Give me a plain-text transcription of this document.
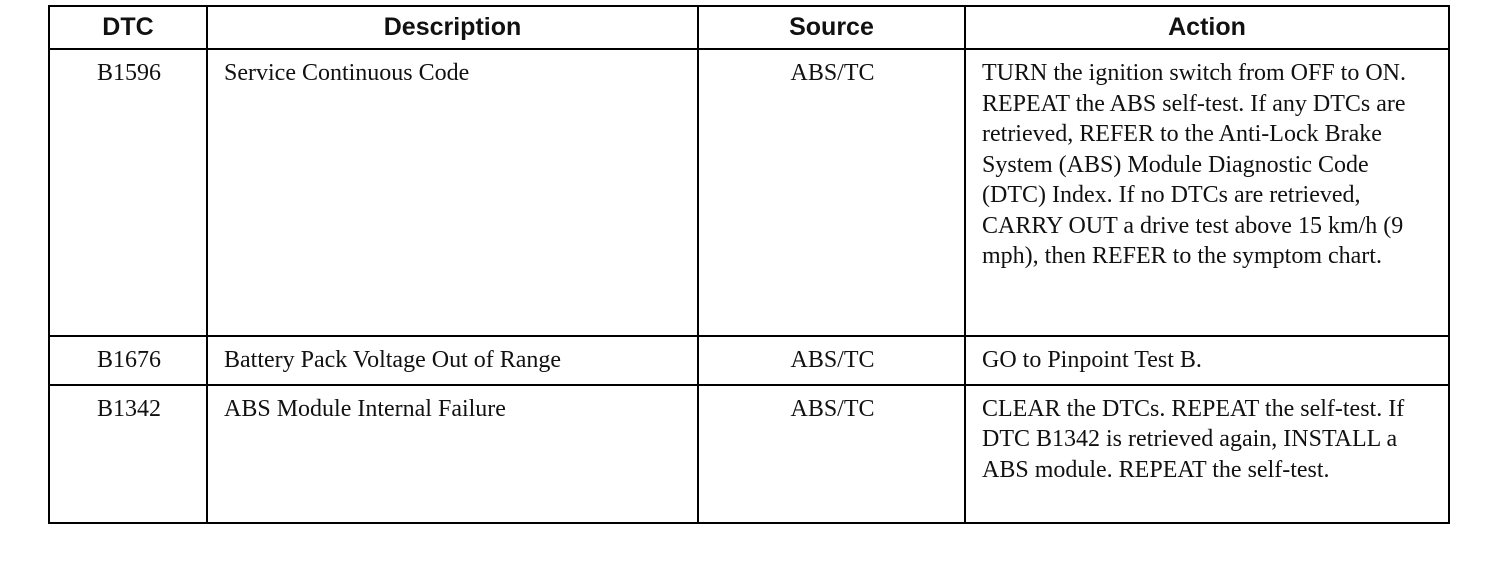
DTC	Description	Source	Action
B1596	Service Continuous Code	ABS/TC	TURN the ignition switch from OFF to ON. REPEAT the ABS self-test. If any DTCs are retrieved, REFER to the Anti-Lock Brake System (ABS) Module Diagnostic Code (DTC) Index. If no DTCs are retrieved, CARRY OUT a drive test above 15 km/h (9 mph), then REFER to the symptom chart.
B1676	Battery Pack Voltage Out of Range	ABS/TC	GO to Pinpoint Test B.
B1342	ABS Module Internal Failure	ABS/TC	CLEAR the DTCs. REPEAT the self-test. If DTC B1342 is retrieved again, INSTALL a ABS module. REPEAT the self-test.
